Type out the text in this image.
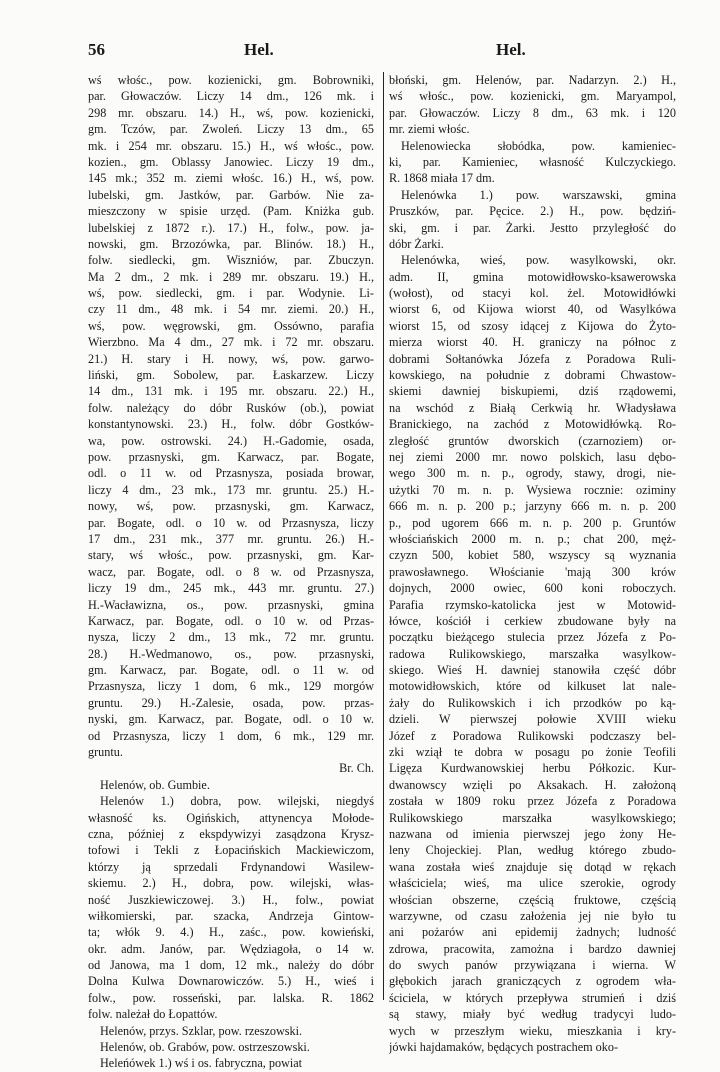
56	Hel.	Hel.
wś włośc., pow. kozienicki, gm. Bobrowniki,
par. Głowaczów. Liczy 14 dm., 126 mk. i
298 mr. obszaru. 14.) H., wś, pow. kozienicki,
gm. Tczów, par. Zwoleń. Liczy 13 dm., 65
mk. i 254 mr. obszaru. 15.) H., wś włośc., pow.
kozien., gm. Oblassy Janowiec. Liczy 19 dm.,
145 mk.; 352 m. ziemi włośc. 16.) H., wś, pow.
lubelski, gm. Jastków, par. Garbów. Nie za-
mieszczony w spisie urzęd. (Pam. Kniżka gub.
lubelskiej z 1872 r.). 17.) H., folw., pow. ja-
nowski, gm. Brzozówka, par. Blinów. 18.) H.,
folw. siedlecki, gm. Wiszniów, par. Zbuczyn.
Ma 2 dm., 2 mk. i 289 mr. obszaru. 19.) H.,
wś, pow. siedlecki, gm. i par. Wodynie. Li-
czy 11 dm., 48 mk. i 54 mr. ziemi. 20.) H.,
wś, pow. węgrowski, gm. Ossówno, parafia
Wierzbno. Ma 4 dm., 27 mk. i 72 mr. obszaru.
21.) H. stary i H. nowy, wś, pow. garwo-
liński, gm. Sobolew, par. Łaskarzew. Liczy
14 dm., 131 mk. i 195 mr. obszaru. 22.) H.,
folw. należący do dóbr Rusków (ob.), powiat
konstantynowski. 23.) H., folw. dóbr Gostków-
wa, pow. ostrowski. 24.) H.-Gadomie, osada,
pow. przasnyski, gm. Karwacz, par. Bogate,
odl. o 11 w. od Przasnysza, posiada browar,
liczy 4 dm., 23 mk., 173 mr. gruntu. 25.) H.-
nowy, wś, pow. przasnyski, gm. Karwacz,
par. Bogate, odl. o 10 w. od Przasnysza, liczy
17 dm., 231 mk., 377 mr. gruntu. 26.) H.-
stary, wś włośc., pow. przasnyski, gm. Kar-
wacz, par. Bogate, odl. o 8 w. od Przasnysza,
liczy 19 dm., 245 mk., 443 mr. gruntu. 27.)
H.-Wacławizna, os., pow. przasnyski, gmina
Karwacz, par. Bogate, odl. o 10 w. od Przas-
nysza, liczy 2 dm., 13 mk., 72 mr. gruntu.
28.) H.-Wedmanowo, os., pow. przasnyski,
gm. Karwacz, par. Bogate, odl. o 11 w. od
Przasnysza, liczy 1 dom, 6 mk., 129 morgów
gruntu. 29.) H.-Zalesie, osada, pow. przas-
nyski, gm. Karwacz, par. Bogate, odl. o 10 w.
od Przasnysza, liczy 1 dom, 6 mk., 129 mr.
gruntu.
Br. Ch.
Helenów, ob. Gumbie.
Helenów 1.) dobra, pow. wilejski, niegdyś
własność ks. Ogińskich, attynencya Mołode-
czna, później z ekspdywizyi zasądzona Krysz-
tofowi i Tekli z Łopacińskich Mackiewiczom,
którzy ją sprzedali Frdynandowi Wasilew-
skiemu. 2.) H., dobra, pow. wilejski, włas-
ność Juszkiewiczowej. 3.) H., folw., powiat
wiłkomierski, par. szacka, Andrzeja Gintow-
ta; włók 9. 4.) H., zaśc., pow. kowieński,
okr. adm. Janów, par. Wędziagoła, o 14 w.
od Janowa, ma 1 dom, 12 mk., należy do dóbr
Dolna Kulwa Downarowiczów. 5.) H., wieś i
folw., pow. rosseński, par. lalska. R. 1862
folw. należał do Łopattów.
Helenów, przys. Szklar, pow. rzeszowski.
Helenów, ob. Grabów, pow. ostrzeszowski.
Heleńówek 1.) wś i os. fabryczna, powiat
błoński, gm. Helenów, par. Nadarzyn. 2.) H.,
wś włośc., pow. kozienicki, gm. Maryampol,
par. Głowaczów. Liczy 8 dm., 63 mk. i 120
mr. ziemi włośc.
Helenowiecka słobódka, pow. kamieniec-
ki, par. Kamieniec, własność Kulczyckiego.
R. 1868 miała 17 dm.
Helenówka 1.) pow. warszawski, gmina
Pruszków, par. Pęcice. 2.) H., pow. będziń-
ski, gm. i par. Żarki. Jestto przyległość do
dóbr Żarki.
Helenówka, wieś, pow. wasylkowski, okr.
adm. II, gmina motowidłowsko-ksawerowska
(wołost), od stacyi kol. żel. Motowidłówki
wiorst 6, od Kijowa wiorst 40, od Wasylkówa
wiorst 15, od szosy idącej z Kijowa do Żyto-
mierza wiorst 40. H. graniczy na północ z
dobrami Sołtanówka Józefa z Poradowa Ruli-
kowskiego, na południe z dobrami Chwastow-
skiemi dawniej biskupiemi, dziś rządowemi,
na wschód z Białą Cerkwią hr. Władysława
Branickiego, na zachód z Motowidłówką. Ro-
zległość gruntów dworskich (czarnoziem) or-
nej ziemi 2000 mr. nowo polskich, lasu dębo-
wego 300 m. n. p., ogrody, stawy, drogi, nie-
użytki 70 m. n. p. Wysiewa rocznie: oziminy
666 m. n. p. 200 p.; jarzyny 666 m. n. p. 200
p., pod ugorem 666 m. n. p. 200 p. Gruntów
włościańskich 2000 m. n. p.; chat 200, męż-
czyzn 500, kobiet 580, wszyscy są wyznania
prawosławnego. Włościanie 'mają 300 krów
dojnych, 2000 owiec, 600 koni roboczych.
Parafia rzymsko-katolicka jest w Motowid-
łówce, kościół i cerkiew zbudowane były na
początku bieżącego stulecia przez Józefa z Po-
radowa Rulikowskiego, marszałka wasylkow-
skiego. Wieś H. dawniej stanowiła część dóbr
motowidłowskich, które od kilkuset lat nale-
żały do Rulikowskich i ich przodków po ką-
dzieli. W pierwszej połowie XVIII wieku
Józef z Poradowa Rulikowski podczaszy bel-
zki wziął te dobra w posagu po żonie Teofili
Ligęza Kurdwanowskiej herbu Półkozic. Kur-
dwanowscy wzięli po Aksakach. H. założoną
została w 1809 roku przez Józefa z Poradowa
Rulikowskiego marszałka wasylkowskiego;
nazwana od imienia pierwszej jego żony He-
leny Chojeckiej. Plan, według którego zbudo-
wana została wieś znajduje się dotąd w rękach
właściciela; wieś, ma ulice szerokie, ogrody
włościan obszerne, częścią fruktowe, częścią
warzywne, od czasu założenia jej nie było tu
ani pożarów ani epidemij żadnych; ludność
zdrowa, pracowita, zamożna i bardzo dawniej
do swych panów przywiązana i wierna. W
głębokich jarach graniczących z ogrodem wła-
ściciela, w których przepływa strumień i dziś
są stawy, miały być według tradycyi ludo-
wych w przeszłym wieku, mieszkania i kry-
jówki hajdamaków, będących postrachem oko-
